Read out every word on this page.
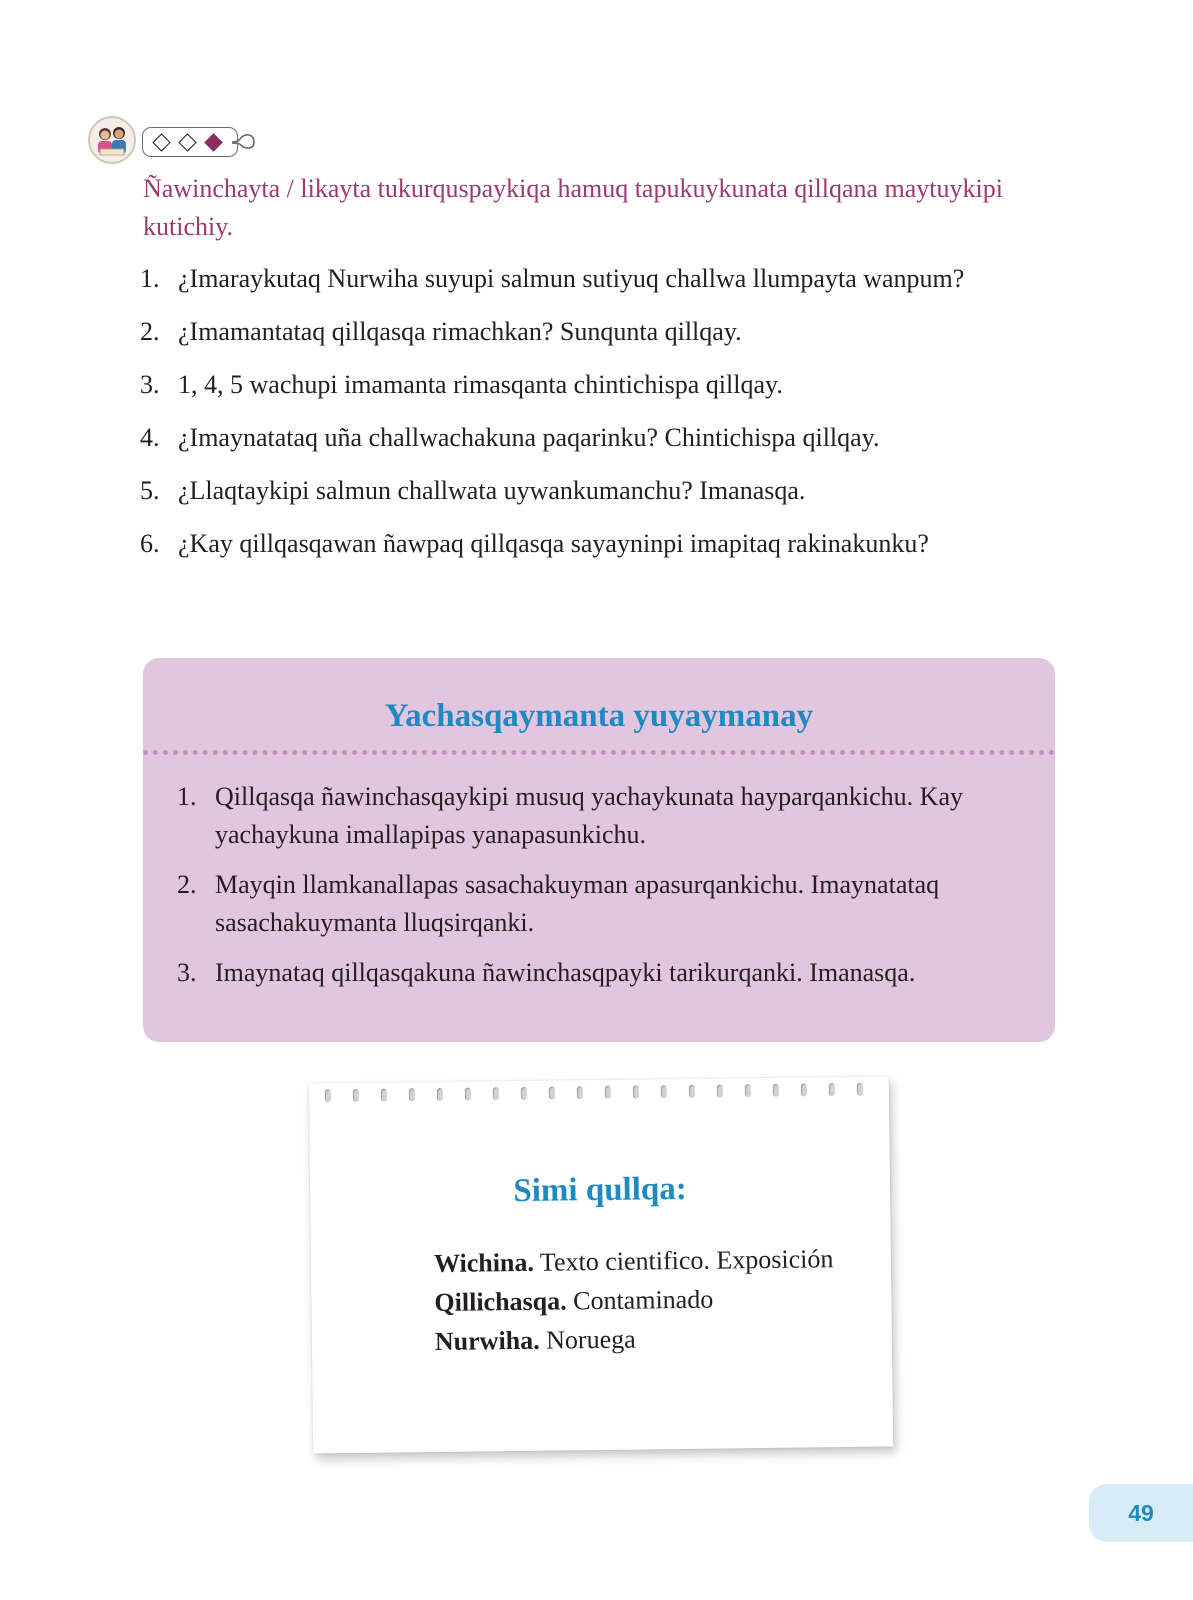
Ñawinchayta / likayta tukurquspaykiqa hamuq tapukuykunata qillqana maytuykipi kutichiy.
1. ¿Imaraykutaq Nurwiha suyupi salmun sutiyuq challwa llumpayta wanpum?
2. ¿Imamantataq qillqasqa rimachkan? Sunqunta qillqay.
3. 1, 4, 5 wachupi imamanta rimasqanta chintichispa qillqay.
4. ¿Imaynatataq uña challwachakuna paqarinku? Chintichispa qillqay.
5. ¿Llaqtaykipi salmun challwata uywankumanchu? Imanasqa.
6. ¿Kay qillqasqawan ñawpaq qillqasqa sayayninpi imapitaq rakinakunku?
Yachasqaymanta yuyaymanay
1. Qillqasqa ñawinchasqaykipi musuq yachaykunata hayparqankichu. Kay yachaykuna imallapipas yanapasunkichu.
2. Mayqin llamkanallapas sasachakuyman apasurqankichu. Imaynatataq sasachakuymanta lluqsirqanki.
3. Imaynataq qillqasqakuna ñawinchasqpayki tarikurqanki. Imanasqa.
Simi qullqa:
Wichina. Texto cientifico. Exposición
Qillichasqa. Contaminado
Nurwiha. Noruega
49
